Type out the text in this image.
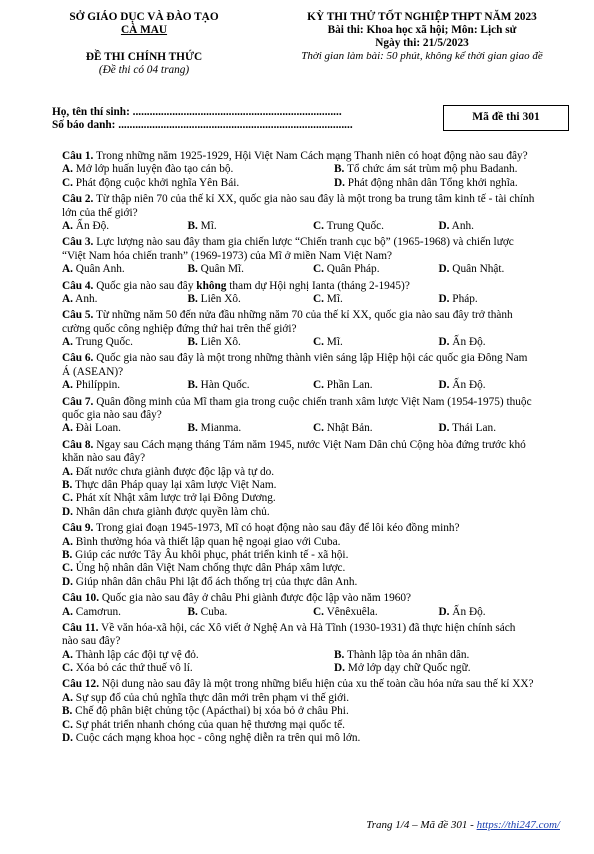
SỞ GIÁO DỤC VÀ ĐÀO TẠO
CÀ MAU
ĐỀ THI CHÍNH THỨC
(Đề thi có 04 trang)
KỲ THI THỬ TỐT NGHIỆP THPT NĂM 2023
Bài thi: Khoa học xã hội; Môn: Lịch sử
Ngày thi: 21/5/2023
Thời gian làm bài: 50 phút, không kể thời gian giao đề
Họ, tên thí sinh: ..........................................................................
Số báo danh: ...................................................................................
Mã đề thi 301
Câu 1. Trong những năm 1925-1929, Hội Việt Nam Cách mạng Thanh niên có hoạt động nào sau đây?
A. Mở lớp huấn luyện đào tạo cán bộ.	B. Tổ chức ám sát trùm mộ phu Badanh.
C. Phát động cuộc khởi nghĩa Yên Bái.	D. Phát động nhân dân Tổng khởi nghĩa.
Câu 2. Từ thập niên 70 của thế kỉ XX, quốc gia nào sau đây là một trong ba trung tâm kinh tế - tài chính
lớn của thế giới?
A. Ấn Độ.	B. Mĩ.	C. Trung Quốc.	D. Anh.
Câu 3. Lực lượng nào sau đây tham gia chiến lược “Chiến tranh cục bộ” (1965-1968) và chiến lược
“Việt Nam hóa chiến tranh” (1969-1973) của Mĩ ở miền Nam Việt Nam?
A. Quân Anh.	B. Quân Mĩ.	C. Quân Pháp.	D. Quân Nhật.
Câu 4. Quốc gia nào sau đây không tham dự Hội nghị Ianta (tháng 2-1945)?
A. Anh.	B. Liên Xô.	C. Mĩ.	D. Pháp.
Câu 5. Từ những năm 50 đến nửa đầu những năm 70 của thế kỉ XX, quốc gia nào sau đây trở thành
cường quốc công nghiệp đứng thứ hai trên thế giới?
A. Trung Quốc.	B. Liên Xô.	C. Mĩ.	D. Ấn Độ.
Câu 6. Quốc gia nào sau đây là một trong những thành viên sáng lập Hiệp hội các quốc gia Đông Nam
Á (ASEAN)?
A. Philíppin.	B. Hàn Quốc.	C. Phần Lan.	D. Ấn Độ.
Câu 7. Quân đồng minh của Mĩ tham gia trong cuộc chiến tranh xâm lược Việt Nam (1954-1975) thuộc
quốc gia nào sau đây?
A. Đài Loan.	B. Mianma.	C. Nhật Bản.	D. Thái Lan.
Câu 8. Ngay sau Cách mạng tháng Tám năm 1945, nước Việt Nam Dân chủ Cộng hòa đứng trước khó
khăn nào sau đây?
A. Đất nước chưa giành được độc lập và tự do.
B. Thực dân Pháp quay lại xâm lược Việt Nam.
C. Phát xít Nhật xâm lược trở lại Đông Dương.
D. Nhân dân chưa giành được quyền làm chủ.
Câu 9. Trong giai đoạn 1945-1973, Mĩ có hoạt động nào sau đây để lôi kéo đồng minh?
A. Bình thường hóa và thiết lập quan hệ ngoại giao với Cuba.
B. Giúp các nước Tây Âu khôi phục, phát triển kinh tế - xã hội.
C. Ủng hộ nhân dân Việt Nam chống thực dân Pháp xâm lược.
D. Giúp nhân dân châu Phi lật đổ ách thống trị của thực dân Anh.
Câu 10. Quốc gia nào sau đây ở châu Phi giành được độc lập vào năm 1960?
A. Camơrun.	B. Cuba.	C. Vênêxuêla.	D. Ấn Độ.
Câu 11. Về văn hóa-xã hội, các Xô viết ở Nghệ An và Hà Tĩnh (1930-1931) đã thực hiện chính sách
nào sau đây?
A. Thành lập các đội tự vệ đỏ.	B. Thành lập tòa án nhân dân.
C. Xóa bỏ các thứ thuế vô lí.	D. Mở lớp dạy chữ Quốc ngữ.
Câu 12. Nội dung nào sau đây là một trong những biểu hiện của xu thế toàn cầu hóa nửa sau thế kỉ XX?
A. Sự sụp đổ của chủ nghĩa thực dân mới trên phạm vi thế giới.
B. Chế độ phân biệt chủng tộc (Apácthai) bị xóa bỏ ở châu Phi.
C. Sự phát triển nhanh chóng của quan hệ thương mại quốc tế.
D. Cuộc cách mạng khoa học - công nghệ diễn ra trên qui mô lớn.
Trang 1/4 – Mã đề 301 - https://thi247.com/
